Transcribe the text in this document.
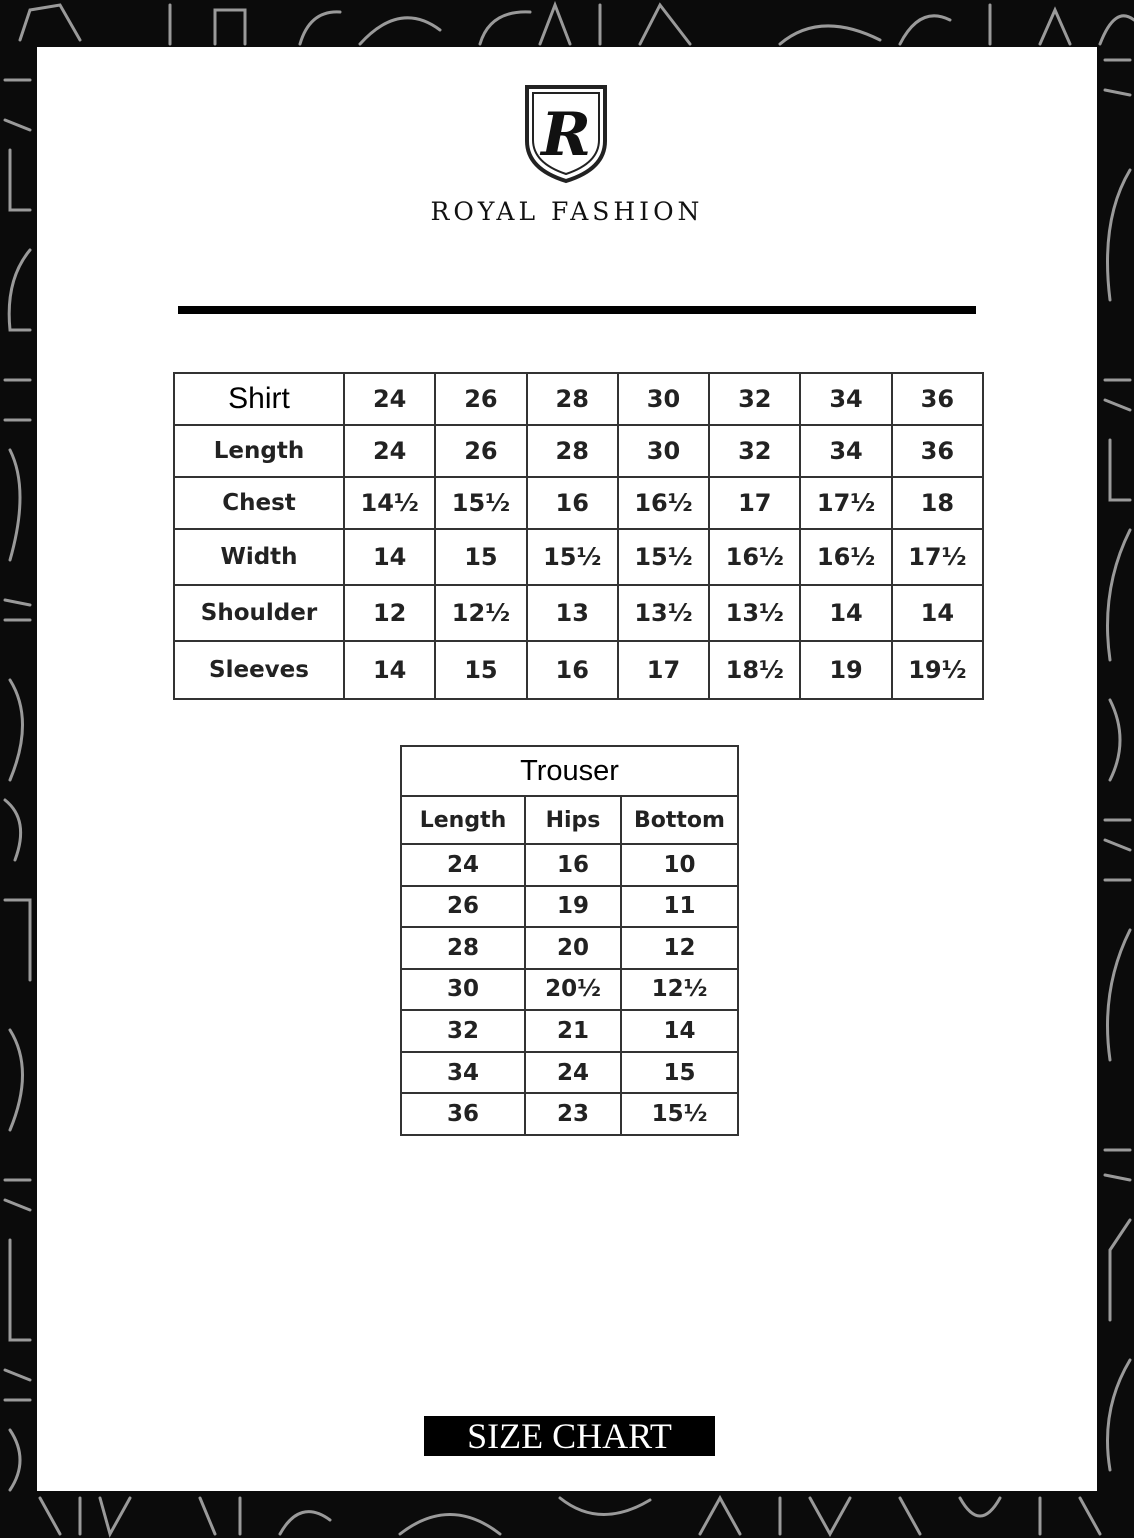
R
ROYAL FASHION
Shirt	24	26	28	30	32	34	36
Length	24	26	28	30	32	34	36
Chest	14½	15½	16	16½	17	17½	18
Width	14	15	15½	15½	16½	16½	17½
Shoulder	12	12½	13	13½	13½	14	14
Sleeves	14	15	16	17	18½	19	19½
Trouser		
Length	Hips	Bottom
24	16	10
26	19	11
28	20	12
30	20½	12½
32	21	14
34	24	15
36	23	15½
SIZE CHART
